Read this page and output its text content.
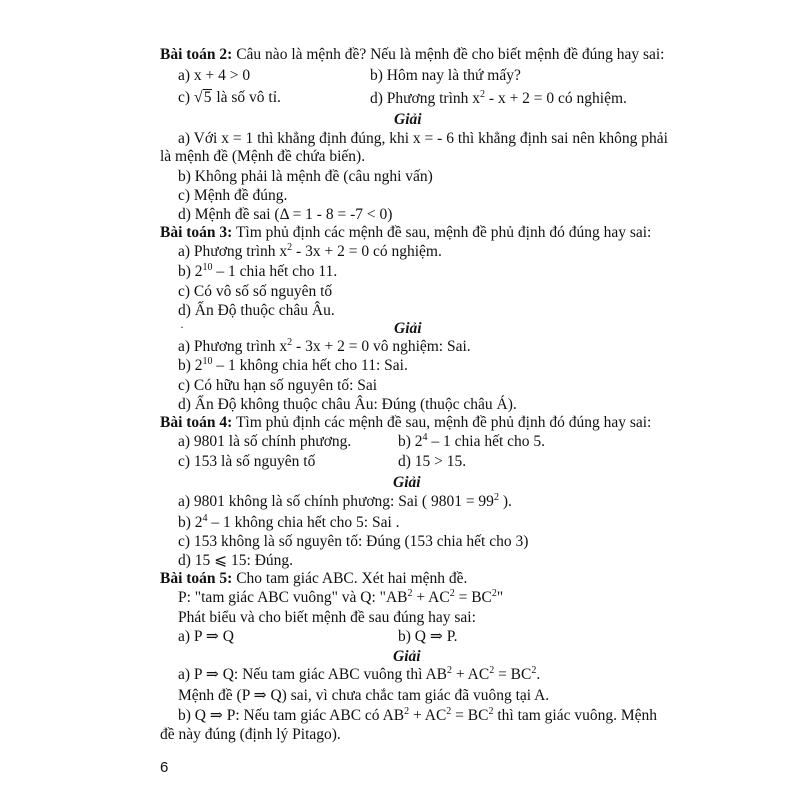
Bài toán 2: Câu nào là mệnh đề? Nếu là mệnh đề cho biết mệnh đề đúng hay sai:
a) x + 4 > 0	b) Hôm nay là thứ mấy?
c) √5 là số vô tỉ.	d) Phương trình $x^2 - x + 2 = 0$ có nghiệm.
Giải
a) Với x = 1 thì khẳng định đúng, khi x = - 6 thì khẳng định sai nên không phải
là mệnh đề (Mệnh đề chứa biến).
b) Không phải là mệnh đề (câu nghi vấn)
c) Mệnh đề đúng.
d) Mệnh đề sai (Δ = 1 - 8 = -7 < 0)
Bài toán 3: Tìm phủ định các mệnh đề sau, mệnh đề phủ định đó đúng hay sai:
a) Phương trình $x^2 - 3x + 2 = 0$ có nghiệm.
b) $2^{10} - 1$ chia hết cho 11.
c) Có vô số số nguyên tố
d) Ấn Độ thuộc châu Âu.
·	Giải
a) Phương trình $x^2 - 3x + 2 = 0$ vô nghiệm: Sai.
b) $2^{10} - 1$ không chia hết cho 11: Sai.
c) Có hữu hạn số nguyên tố: Sai
d) Ấn Độ không thuộc châu Âu: Đúng (thuộc châu Á).
Bài toán 4: Tìm phủ định các mệnh đề sau, mệnh đề phủ định đó đúng hay sai:
a) 9801 là số chính phương.	b) $2^4 - 1$ chia hết cho 5.
c) 153 là số nguyên tố	d) 15 > 15.
Giải
a) 9801 không là số chính phương: Sai ( $9801 = 99^2$ ).
b) $2^4 - 1$ không chia hết cho 5: Sai .
c) 153 không là số nguyên tố: Đúng (153 chia hết cho 3)
d) 15 ⩽ 15: Đúng.
Bài toán 5: Cho tam giác ABC. Xét hai mệnh đề.
P: "tam giác ABC vuông" và Q: "$AB^2 + AC^2 = BC^2$"
Phát biểu và cho biết mệnh đề sau đúng hay sai:
a) P ⇒ Q	b) Q ⇒ P.
Giải
a) P ⇒ Q: Nếu tam giác ABC vuông thì $AB^2 + AC^2 = BC^2$.
Mệnh đề (P ⇒ Q) sai, vì chưa chắc tam giác đã vuông tại A.
b) Q ⇒ P: Nếu tam giác ABC có $AB^2 + AC^2 = BC^2$ thì tam giác vuông. Mệnh
đề này đúng (định lý Pitago).
6
